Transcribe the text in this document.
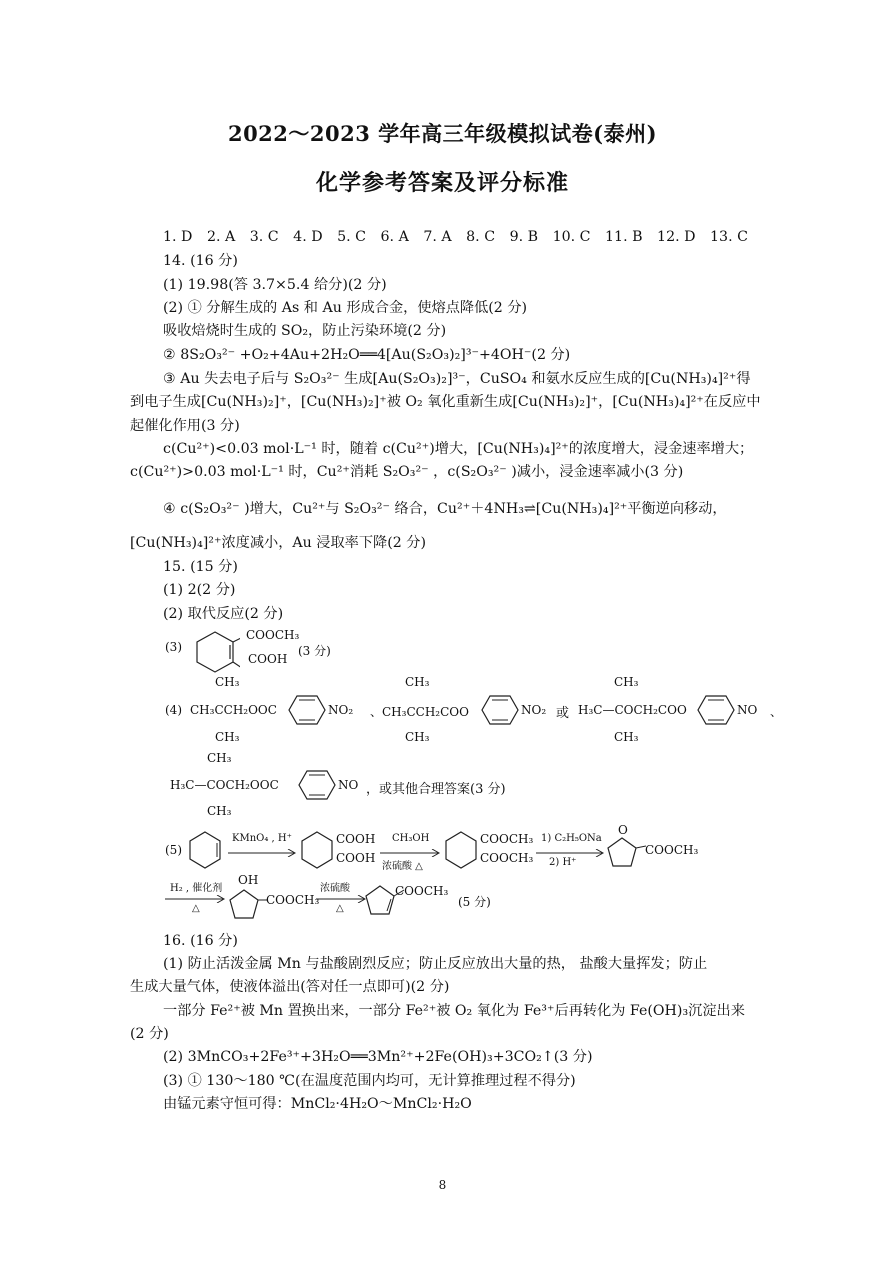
2022～2023 学年高三年级模拟试卷(泰州)
化学参考答案及评分标准
1. D 2. A 3. C 4. D 5. C 6. A 7. A 8. C 9. B 10. C 11. B 12. D 13. C
14. (16 分)
(1) 19.98(答 3.7×5.4 给分)(2 分)
(2) ① 分解生成的 As 和 Au 形成合金，使熔点降低(2 分)
吸收焙烧时生成的 SO₂，防止污染环境(2 分)
② 8S₂O₃²⁻ +O₂+4Au+2H₂O══4[Au(S₂O₃)₂]³⁻+4OH⁻(2 分)
③ Au 失去电子后与 S₂O₃²⁻ 生成[Au(S₂O₃)₂]³⁻，CuSO₄ 和氨水反应生成的[Cu(NH₃)₄]²⁺得
到电子生成[Cu(NH₃)₂]⁺，[Cu(NH₃)₂]⁺被 O₂ 氧化重新生成[Cu(NH₃)₂]⁺，[Cu(NH₃)₄]²⁺在反应中
起催化作用(3 分)
c(Cu²⁺)<0.03 mol·L⁻¹ 时，随着 c(Cu²⁺)增大，[Cu(NH₃)₄]²⁺的浓度增大，浸金速率增大；
c(Cu²⁺)>0.03 mol·L⁻¹ 时，Cu²⁺消耗 S₂O₃²⁻ ，c(S₂O₃²⁻ )减小，浸金速率减小(3 分)
④ c(S₂O₃²⁻ )增大，Cu²⁺与 S₂O₃²⁻ 络合，Cu²⁺＋4NH₃⇌[Cu(NH₃)₄]²⁺平衡逆向移动，
[Cu(NH₃)₄]²⁺浓度减小，Au 浸取率下降(2 分)
15. (15 分)
(1) 2(2 分)
(2) 取代反应(2 分)
(3)
COOCH₃
COOH
(3 分)
(4)
CH₃
CH₃
CH₃CCH₂OOC	NO₂
CH₃
CH₃
、CH₃CCH₂COO	NO₂ 或
CH₃
CH₃
H₃C—COCH₂COO	NO 、
CH₃
CH₃
H₃C—COCH₂OOC	NO ，或其他合理答案(3 分)
(5)
KMnO₄ , H⁺	COOH
COOH
CH₃OH
浓硫酸 △
COOCH₃
COOCH₃
1) C₂H₅ONa
2) H⁺
O
COOCH₃
H₂ , 催化剂
△
OH
COOCH₃
浓硫酸
△
COOCH₃
(5 分)
16. (16 分)
(1) 防止活泼金属 Mn 与盐酸剧烈反应；防止反应放出大量的热， 盐酸大量挥发；防止
生成大量气体，使液体溢出(答对任一点即可)(2 分)
一部分 Fe²⁺被 Mn 置换出来，一部分 Fe²⁺被 O₂ 氧化为 Fe³⁺后再转化为 Fe(OH)₃沉淀出来
(2 分)
(2) 3MnCO₃+2Fe³⁺+3H₂O══3Mn²⁺+2Fe(OH)₃+3CO₂↑(3 分)
(3) ① 130～180 ℃(在温度范围内均可，无计算推理过程不得分)
由锰元素守恒可得：MnCl₂·4H₂O～MnCl₂·H₂O
8
